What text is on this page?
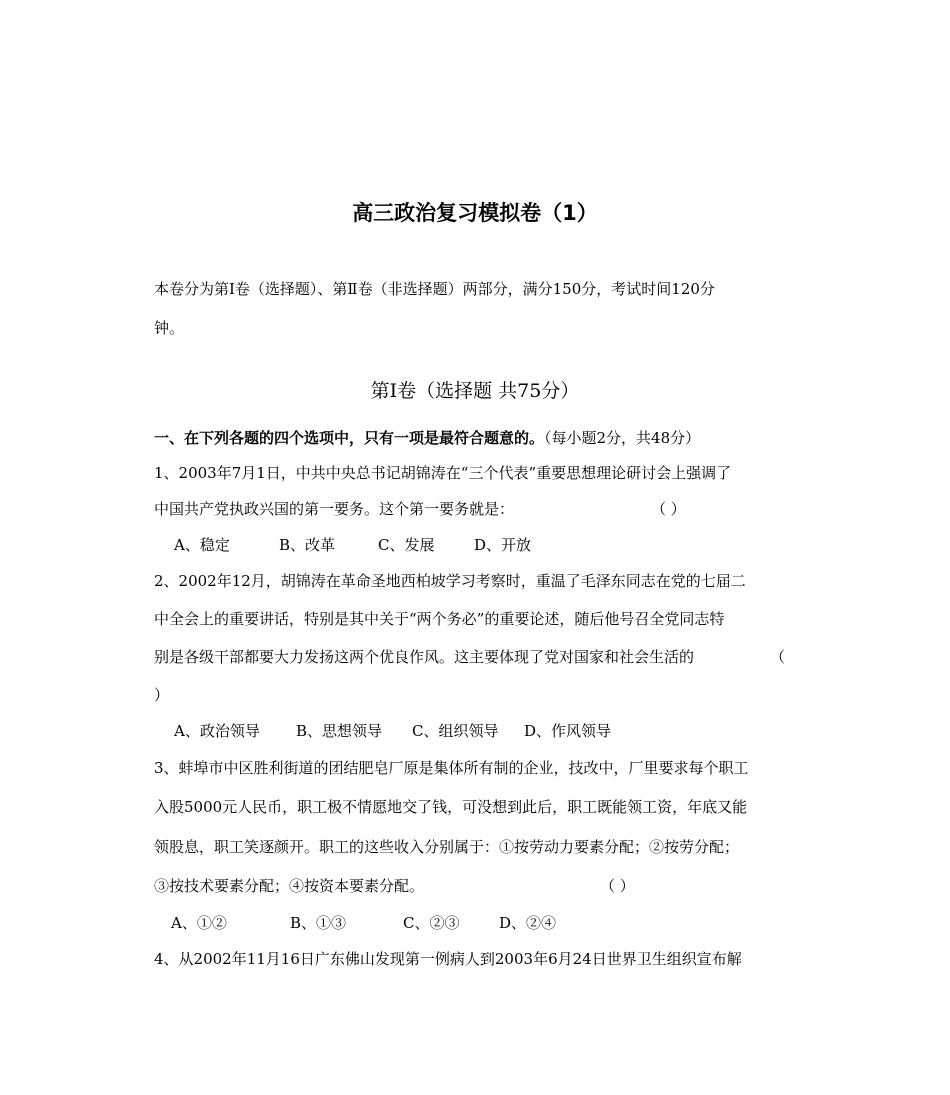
高三政治复习模拟卷（1）
本卷分为第Ⅰ卷（选择题）、第Ⅱ卷（非选择题）两部分，满分150分，考试时间120分
钟。
第Ⅰ卷（选择题 共75分）
一、在下列各题的四个选项中，只有一项是最符合题意的。（每小题2分，共48分）
1、2003年7月1日，中共中央总书记胡锦涛在“三个代表”重要思想理论研讨会上强调了
中国共产党执政兴国的第一要务。这个第一要务就是：	（ ）
A、稳定	B、改革	C、发展	D、开放
2、2002年12月，胡锦涛在革命圣地西柏坡学习考察时，重温了毛泽东同志在党的七届二
中全会上的重要讲话，特别是其中关于“两个务必”的重要论述，随后他号召全党同志特
别是各级干部都要大力发扬这两个优良作风。这主要体现了党对国家和社会生活的	（
）
A、政治领导 B、思想领导 C、组织领导 D、作风领导
3、蚌埠市中区胜利街道的团结肥皂厂原是集体所有制的企业，技改中，厂里要求每个职工
入股5000元人民币，职工极不情愿地交了钱，可没想到此后，职工既能领工资，年底又能
领股息，职工笑逐颜开。职工的这些收入分别属于：①按劳动力要素分配；②按劳分配；
③按技术要素分配；④按资本要素分配。	（ ）
A、①②	B、①③	C、②③	D、②④
4、从2002年11月16日广东佛山发现第一例病人到2003年6月24日世界卫生组织宣布解
